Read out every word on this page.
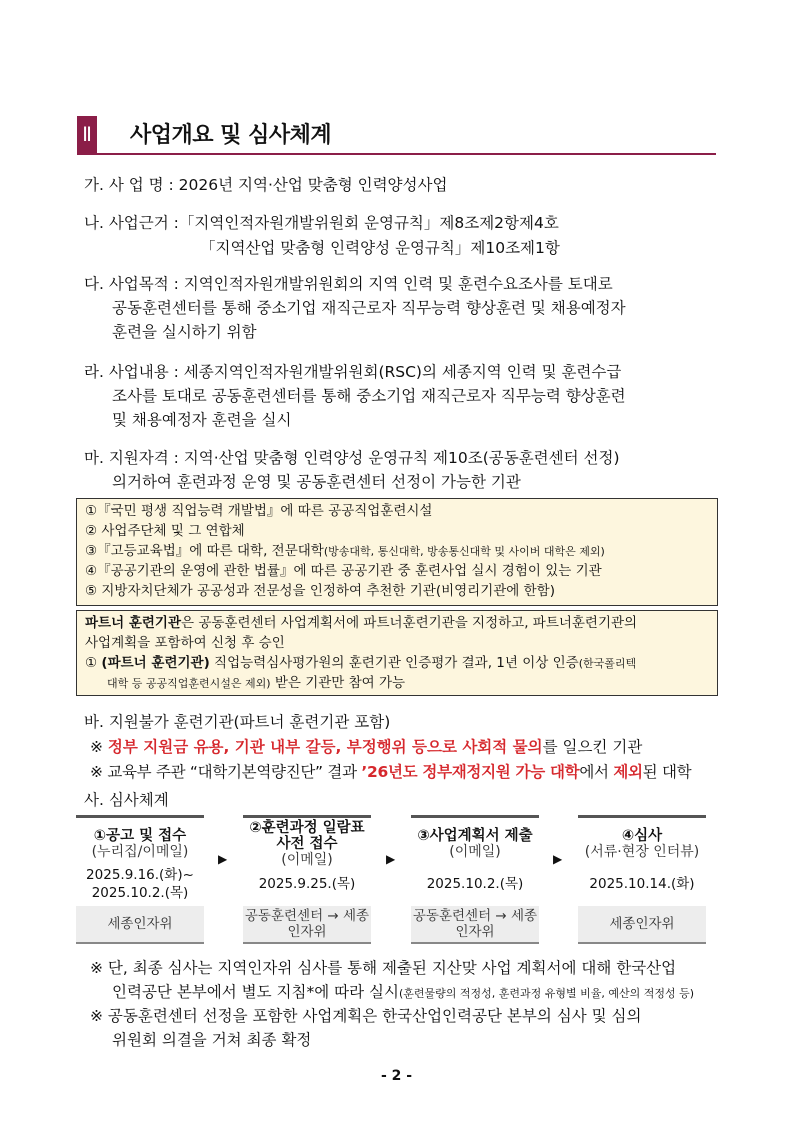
Ⅱ 사업개요 및 심사체계
가. 사 업 명 : 2026년 지역·산업 맞춤형 인력양성사업
나. 사업근거 :「지역인적자원개발위원회 운영규칙」제8조제2항제4호
「지역산업 맞춤형 인력양성 운영규칙」제10조제1항
다. 사업목적 : 지역인적자원개발위원회의 지역 인력 및 훈련수요조사를 토대로
공동훈련센터를 통해 중소기업 재직근로자 직무능력 향상훈련 및 채용예정자
훈련을 실시하기 위함
라. 사업내용 : 세종지역인적자원개발위원회(RSC)의 세종지역 인력 및 훈련수급
조사를 토대로 공동훈련센터를 통해 중소기업 재직근로자 직무능력 향상훈련
및 채용예정자 훈련을 실시
마. 지원자격 : 지역·산업 맞춤형 인력양성 운영규칙 제10조(공동훈련센터 선정)
의거하여 훈련과정 운영 및 공동훈련센터 선정이 가능한 기관
①『국민 평생 직업능력 개발법』에 따른 공공직업훈련시설
② 사업주단체 및 그 연합체
③『고등교육법』에 따른 대학, 전문대학(방송대학, 통신대학, 방송통신대학 및 사이버 대학은 제외)
④『공공기관의 운영에 관한 법률』에 따른 공공기관 중 훈련사업 실시 경험이 있는 기관
⑤ 지방자치단체가 공공성과 전문성을 인정하여 추천한 기관(비영리기관에 한함)
파트너 훈련기관은 공동훈련센터 사업계획서에 파트너훈련기관을 지정하고, 파트너훈련기관의
사업계획을 포함하여 신청 후 승인
① (파트너 훈련기관) 직업능력심사평가원의 훈련기관 인증평가 결과, 1년 이상 인증(한국폴리텍
대학 등 공공직업훈련시설은 제외) 받은 기관만 참여 가능
바. 지원불가 훈련기관(파트너 훈련기관 포함)
※ 정부 지원금 유용, 기관 내부 갈등, 부정행위 등으로 사회적 물의를 일으킨 기관
※ 교육부 주관 “대학기본역량진단” 결과 ’26년도 정부재정지원 가능 대학에서 제외된 대학
사. 심사체계
①공고 및 접수
(누리집/이메일)
2025.9.16.(화)~ 2025.10.2.(목)
세종인자위
▶
②훈련과정 일람표 사전 접수
(이메일)
2025.9.25.(목)
공동훈련센터 → 세종인자위
▶
③사업계획서 제출
(이메일)
2025.10.2.(목)
공동훈련센터 → 세종인자위
▶
④심사
(서류·현장 인터뷰)
2025.10.14.(화)
세종인자위
※ 단, 최종 심사는 지역인자위 심사를 통해 제출된 지산맞 사업 계획서에 대해 한국산업
인력공단 본부에서 별도 지침*에 따라 실시(훈련물량의 적정성, 훈련과정 유형별 비율, 예산의 적정성 등)
※ 공동훈련센터 선정을 포함한 사업계획은 한국산업인력공단 본부의 심사 및 심의
위원회 의결을 거쳐 최종 확정
- 2 -
